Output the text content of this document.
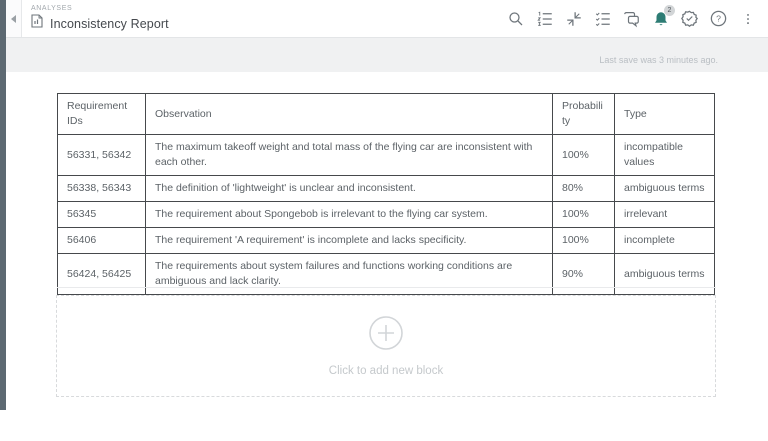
ANALYSES
Inconsistency Report
2
?
Last save was 3 minutes ago.
Requirement IDs	Observation	Probability	Type
56331, 56342	The maximum takeoff weight and total mass of the flying car are inconsistent with each other.	100%	incompatible values
56338, 56343	The definition of 'lightweight' is unclear and inconsistent.	80%	ambiguous terms
56345	The requirement about Spongebob is irrelevant to the flying car system.	100%	irrelevant
56406	The requirement 'A requirement' is incomplete and lacks specificity.	100%	incomplete
56424, 56425	The requirements about system failures and functions working conditions are ambiguous and lack clarity.	90%	ambiguous terms
Click to add new block
